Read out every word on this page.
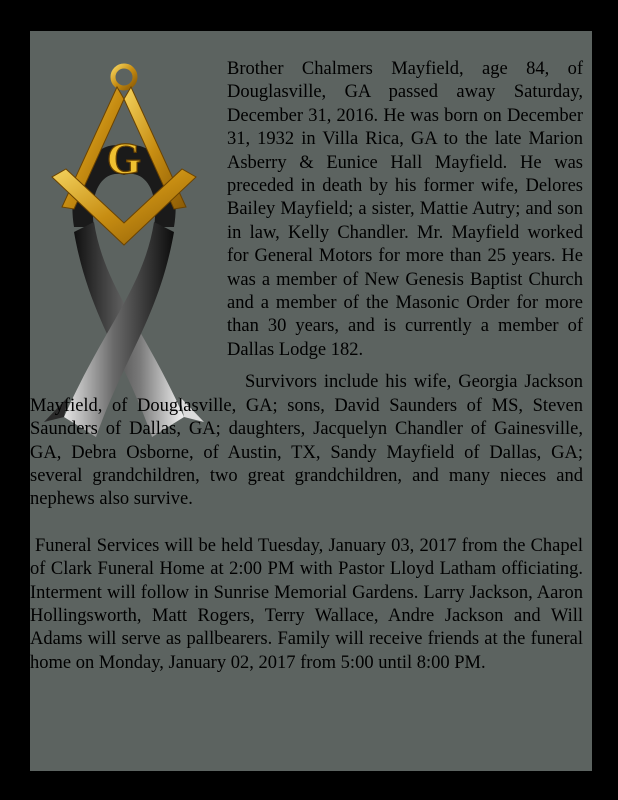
G

Brother Chalmers Mayfield, age 84, of Douglasville, GA passed away Saturday, December 31, 2016. He was born on December 31, 1932 in Villa Rica, GA to the late Marion Asberry & Eunice Hall Mayfield. He was preceded in death by his former wife, Delores Bailey Mayfield; a sister, Mattie Autry; and son in law, Kelly Chandler. Mr. Mayfield worked for General Motors for more than 25 years. He was a member of New Genesis Baptist Church and a member of the Masonic Order for more than 30 years, and is currently a member of Dallas Lodge 182.

Survivors include his wife, Georgia Jackson Mayfield, of Douglasville, GA; sons, David Saunders of MS, Steven Saunders of Dallas, GA; daughters, Jacquelyn Chandler of Gainesville, GA, Debra Osborne, of Austin, TX, Sandy Mayfield of Dallas, GA; several grandchildren, two great grandchildren, and many nieces and nephews also survive.

Funeral Services will be held Tuesday, January 03, 2017 from the Chapel of Clark Funeral Home at 2:00 PM with Pastor Lloyd Latham officiating. Interment will follow in Sunrise Memorial Gardens. Larry Jackson, Aaron Hollingsworth, Matt Rogers, Terry Wallace, Andre Jackson and Will Adams will serve as pallbearers. Family will receive friends at the funeral home on Monday, January 02, 2017 from 5:00 until 8:00 PM.
